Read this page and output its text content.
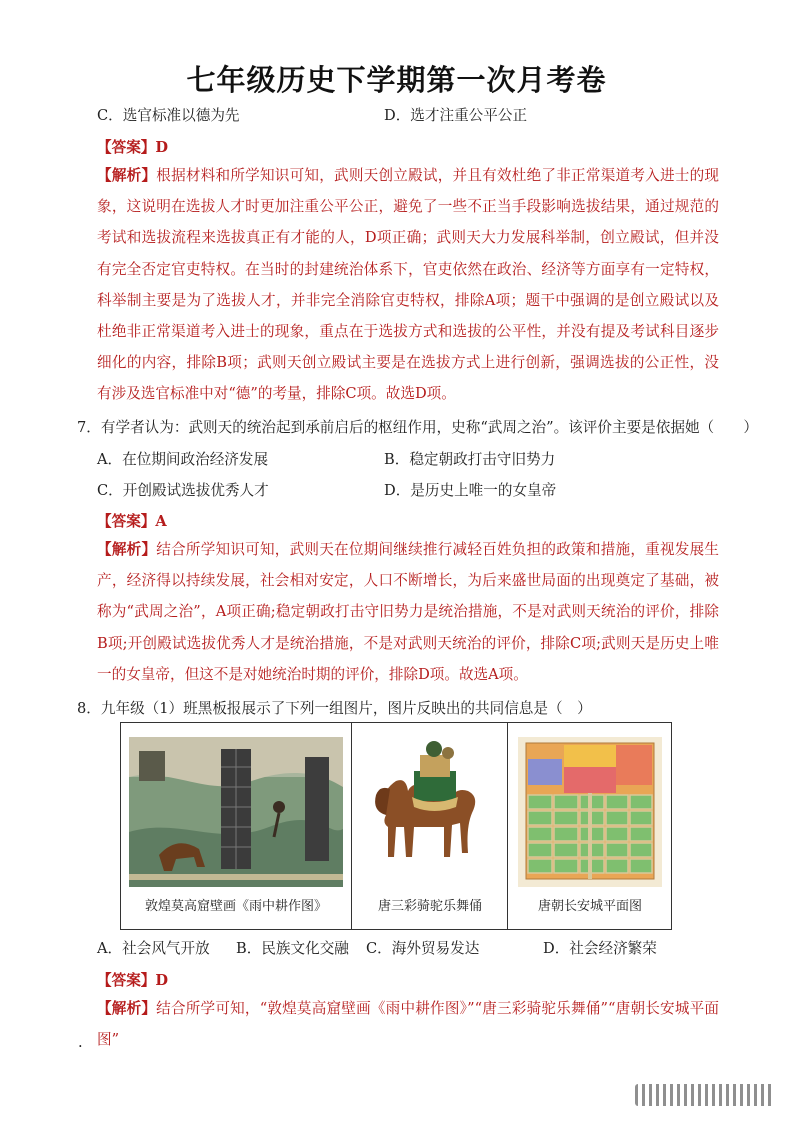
七年级历史下学期第一次月考卷
C．选官标准以德为先	D．选才注重公平公正
【答案】D
【解析】根据材料和所学知识可知，武则天创立殿试，并且有效杜绝了非正常渠道考入进士的现象，这说明在选拔人才时更加注重公平公正，避免了一些不正当手段影响选拔结果，通过规范的考试和选拔流程来选拔真正有才能的人，D项正确；武则天大力发展科举制，创立殿试，但并没有完全否定官吏特权。在当时的封建统治体系下，官吏依然在政治、经济等方面享有一定特权，科举制主要是为了选拔人才，并非完全消除官吏特权，排除A项；题干中强调的是创立殿试以及杜绝非正常渠道考入进士的现象，重点在于选拔方式和选拔的公平性，并没有提及考试科目逐步细化的内容，排除B项；武则天创立殿试主要是在选拔方式上进行创新，强调选拔的公正性，没有涉及选官标准中对“德”的考量，排除C项。故选D项。
7．有学者认为：武则天的统治起到承前启后的枢纽作用，史称“武周之治”。该评价主要是依据她（　　）
A．在位期间政治经济发展	B．稳定朝政打击守旧势力
C．开创殿试选拔优秀人才	D．是历史上唯一的女皇帝
【答案】A
【解析】结合所学知识可知，武则天在位期间继续推行减轻百姓负担的政策和措施，重视发展生产，经济得以持续发展，社会相对安定，人口不断增长，为后来盛世局面的出现奠定了基础，被称为“武周之治”，A项正确;稳定朝政打击守旧势力是统治措施，不是对武则天统治的评价，排除B项;开创殿试选拔优秀人才是统治措施，不是对武则天统治的评价，排除C项;武则天是历史上唯一的女皇帝，但这不是对她统治时期的评价，排除D项。故选A项。
8．九年级（1）班黑板报展示了下列一组图片，图片反映出的共同信息是（　）
敦煌莫高窟壁画《雨中耕作图》	唐三彩骑驼乐舞俑	唐朝长安城平面图
A．社会风气开放 B．民族文化交融 C．海外贸易发达	D．社会经济繁荣
【答案】D
【解析】结合所学可知，“敦煌莫高窟壁画《雨中耕作图》”“唐三彩骑驼乐舞俑”“唐朝长安城平面图”
.
